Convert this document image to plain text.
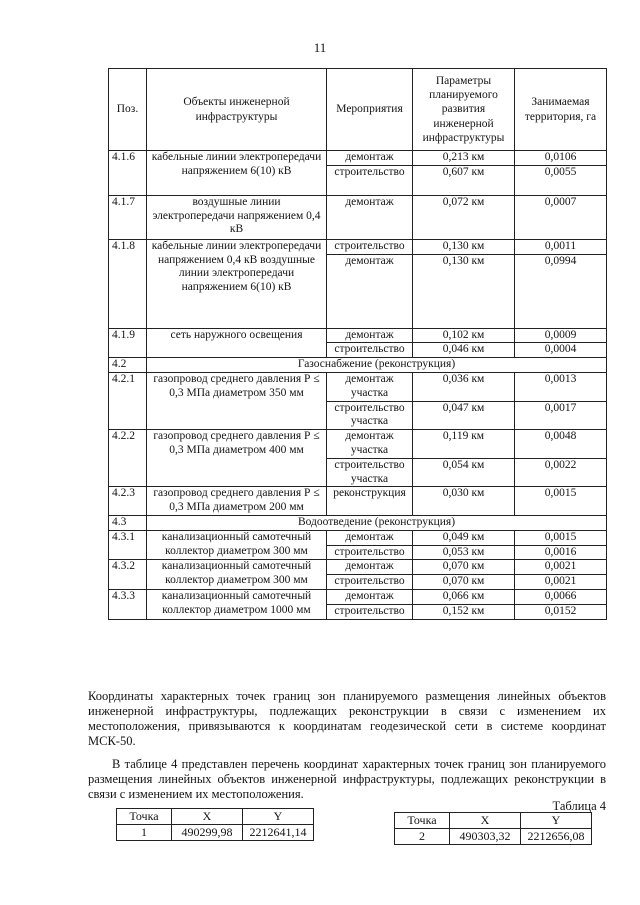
11
Поз.	Объекты инженерной инфраструктуры	Мероприятия	Параметры планируемого развития инженерной инфраструктуры	Занимаемая территория, га
4.1.6	кабельные линии электропередачи напряжением 6(10) кВ	демонтаж	0,213 км	0,0106
		строительство	0,607 км	0,0055
4.1.7	воздушные линии электропередачи напряжением 0,4 кВ	демонтаж	0,072 км	0,0007
4.1.8	кабельные линии электропередачи напряжением 0,4 кВ воздушные линии электропередачи напряжением 6(10) кВ	строительство	0,130 км	0,0011
		демонтаж	0,130 км	0,0994
4.1.9	сеть наружного освещения	демонтаж	0,102 км	0,0009
		строительство	0,046 км	0,0004
4.2	Газоснабжение (реконструкция)			
4.2.1	газопровод среднего давления Р ≤ 0,3 МПа диаметром 350 мм	демонтаж участка	0,036 км	0,0013
		строительство участка	0,047 км	0,0017
4.2.2	газопровод среднего давления Р ≤ 0,3 МПа диаметром 400 мм	демонтаж участка	0,119 км	0,0048
		строительство участка	0,054 км	0,0022
4.2.3	газопровод среднего давления Р ≤ 0,3 МПа диаметром 200 мм	реконструкция	0,030 км	0,0015
4.3	Водоотведение (реконструкция)			
4.3.1	канализационный самотечный коллектор диаметром 300 мм	демонтаж	0,049 км	0,0015
		строительство	0,053 км	0,0016
4.3.2	канализационный самотечный коллектор диаметром 300 мм	демонтаж	0,070 км	0,0021
		строительство	0,070 км	0,0021
4.3.3	канализационный самотечный коллектор диаметром 1000 мм	демонтаж	0,066 км	0,0066
		строительство	0,152 км	0,0152
Координаты характерных точек границ зон планируемого размещения линейных объектов инженерной инфраструктуры, подлежащих реконструкции в связи с изменением их местоположения, привязываются к координатам геодезической сети в системе координат МСК-50.
В таблице 4 представлен перечень координат характерных точек границ зон планируемого размещения линейных объектов инженерной инфраструктуры, подлежащих реконструкции в связи с изменением их местоположения.
Таблица 4
Точка	X	Y
1	490299,98	2212641,14
Точка	X	Y
2	490303,32	2212656,08
